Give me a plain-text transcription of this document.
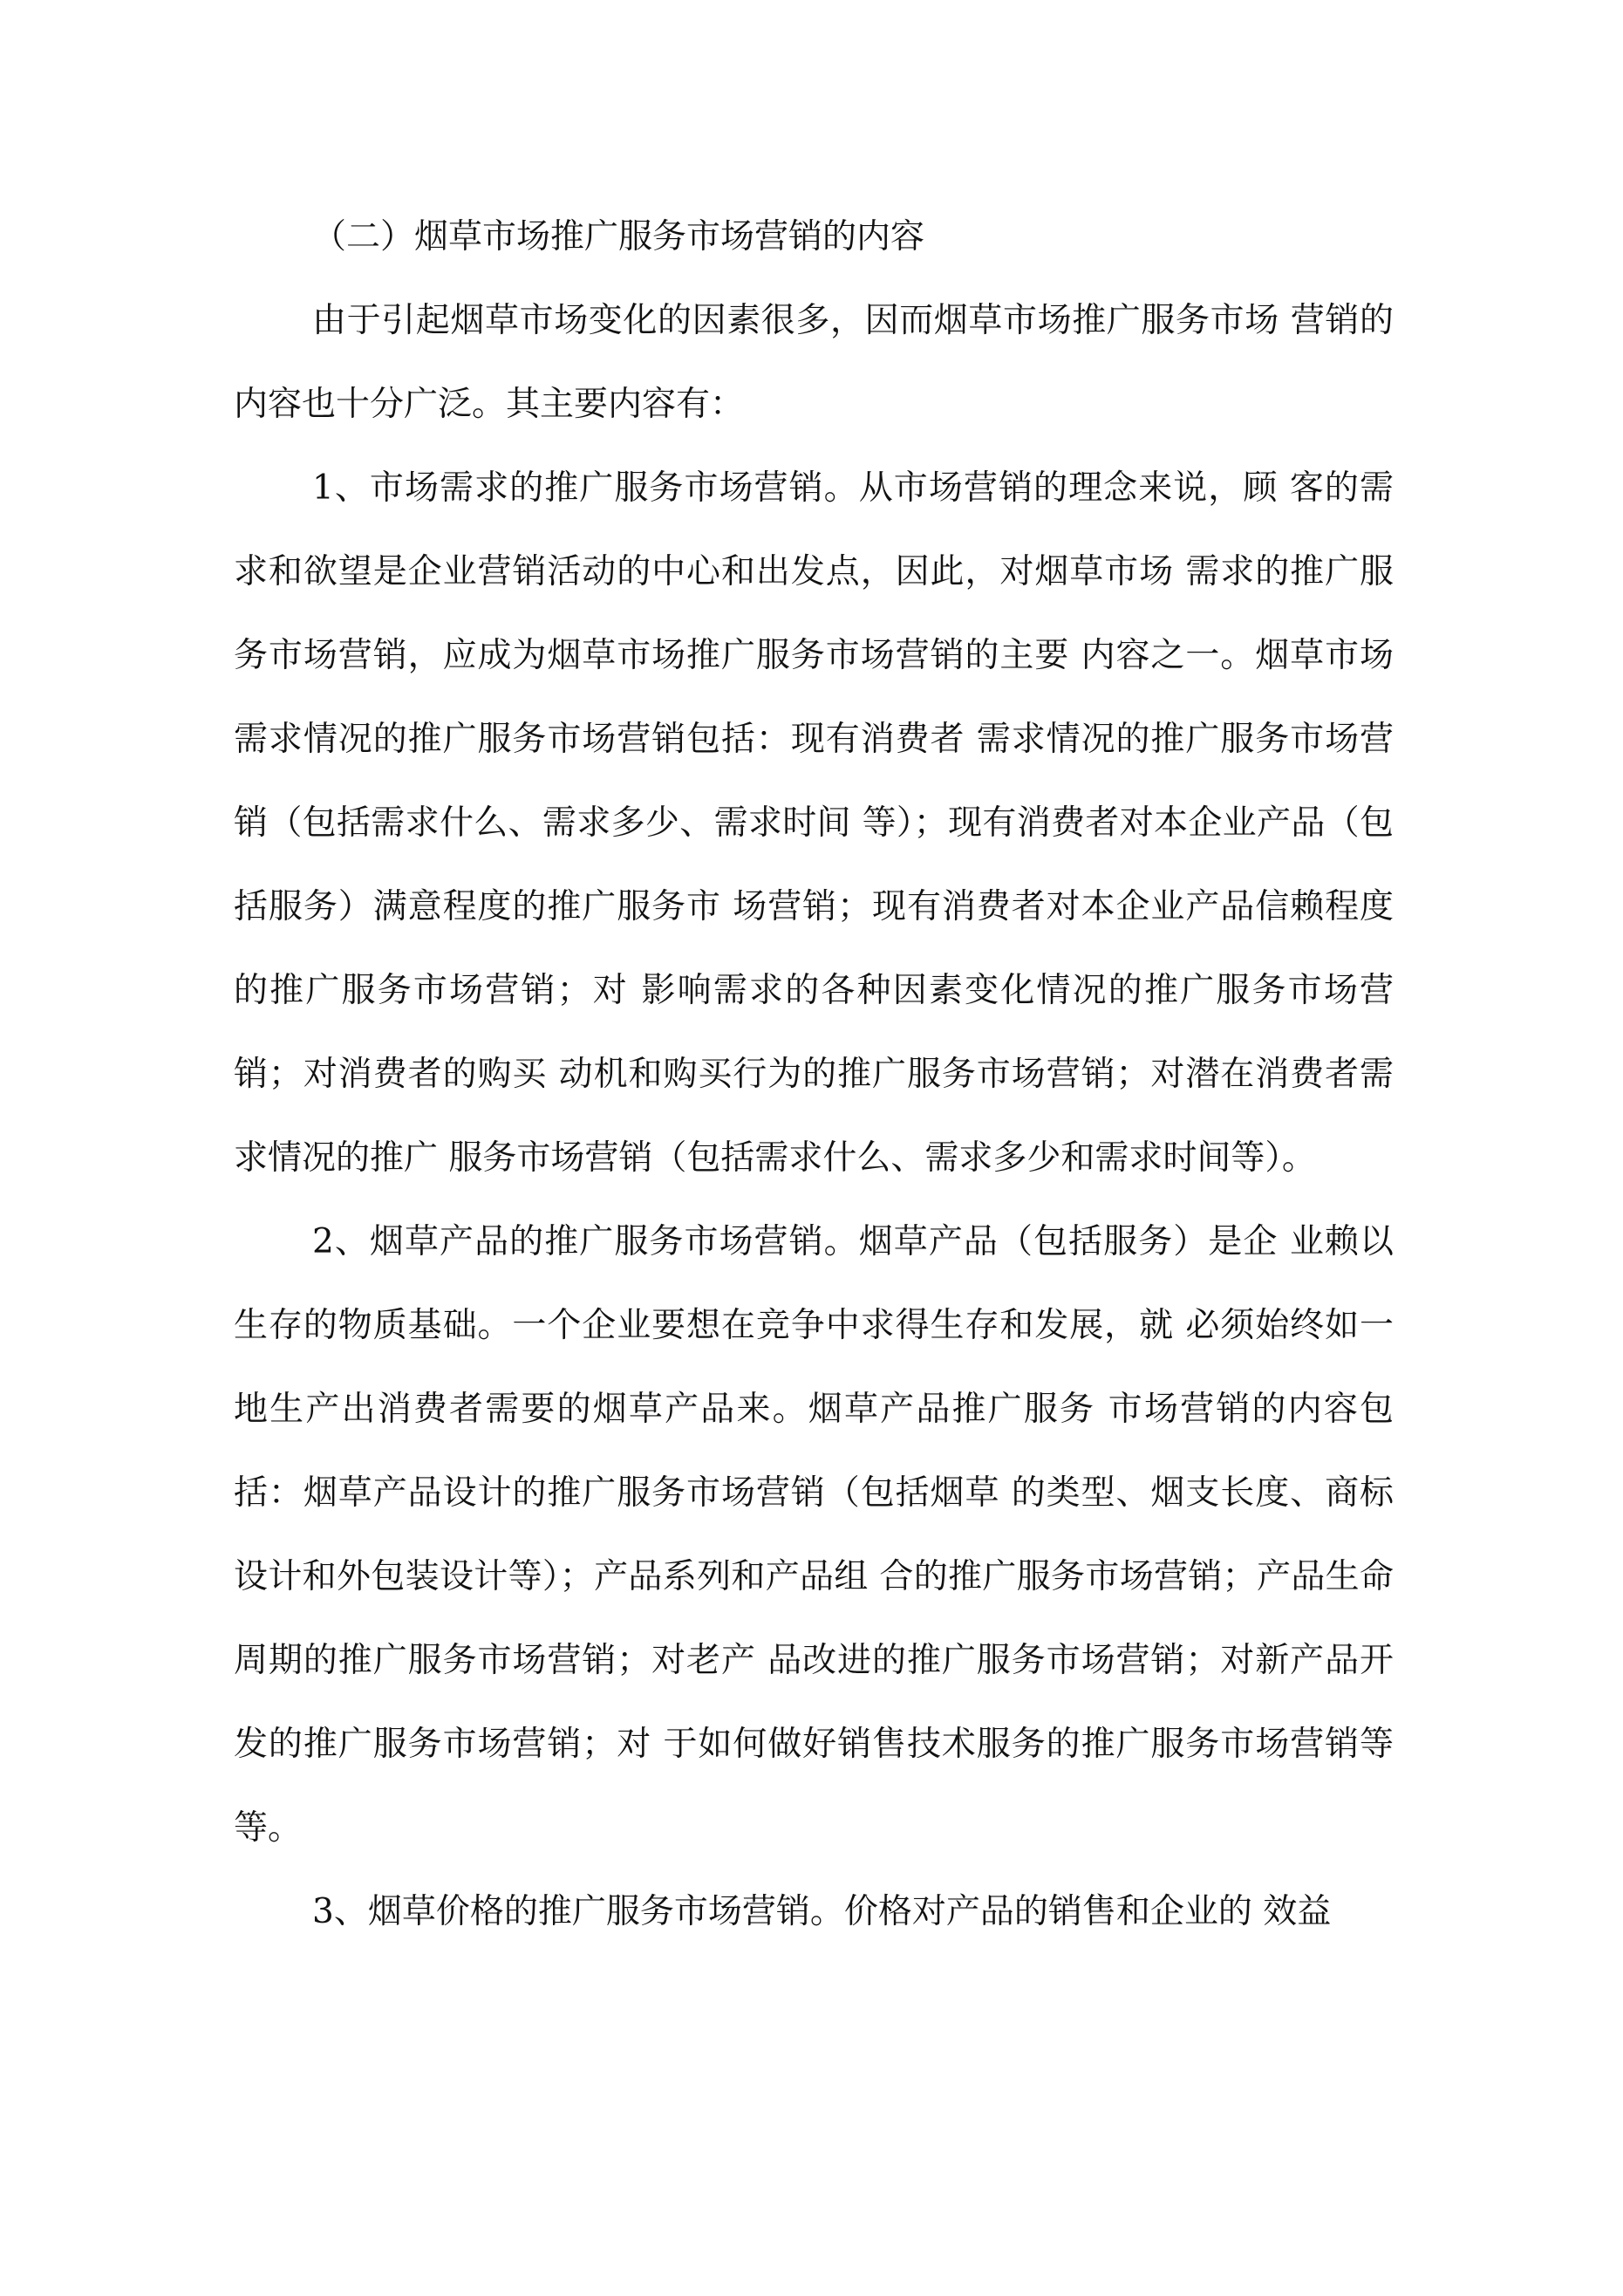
（二）烟草市场推广服务市场营销的内容

由于引起烟草市场变化的因素很多，因而烟草市场推广服务市场 营销的内容也十分广泛。其主要内容有：

1、市场需求的推广服务市场营销。从市场营销的理念来说，顾 客的需求和欲望是企业营销活动的中心和出发点，因此，对烟草市场 需求的推广服务市场营销，应成为烟草市场推广服务市场营销的主要 内容之一。烟草市场需求情况的推广服务市场营销包括：现有消费者 需求情况的推广服务市场营销（包括需求什么、需求多少、需求时间 等）；现有消费者对本企业产品（包括服务）满意程度的推广服务市 场营销；现有消费者对本企业产品信赖程度的推广服务市场营销；对 影响需求的各种因素变化情况的推广服务市场营销；对消费者的购买 动机和购买行为的推广服务市场营销；对潜在消费者需求情况的推广 服务市场营销（包括需求什么、需求多少和需求时间等）。

2、烟草产品的推广服务市场营销。烟草产品（包括服务）是企 业赖以生存的物质基础。一个企业要想在竞争中求得生存和发展，就 必须始终如一地生产出消费者需要的烟草产品来。烟草产品推广服务 市场营销的内容包括：烟草产品设计的推广服务市场营销（包括烟草 的类型、烟支长度、商标设计和外包装设计等）；产品系列和产品组 合的推广服务市场营销；产品生命周期的推广服务市场营销；对老产 品改进的推广服务市场营销；对新产品开发的推广服务市场营销；对 于如何做好销售技术服务的推广服务市场营销等等。

3、烟草价格的推广服务市场营销。价格对产品的销售和企业的 效益
